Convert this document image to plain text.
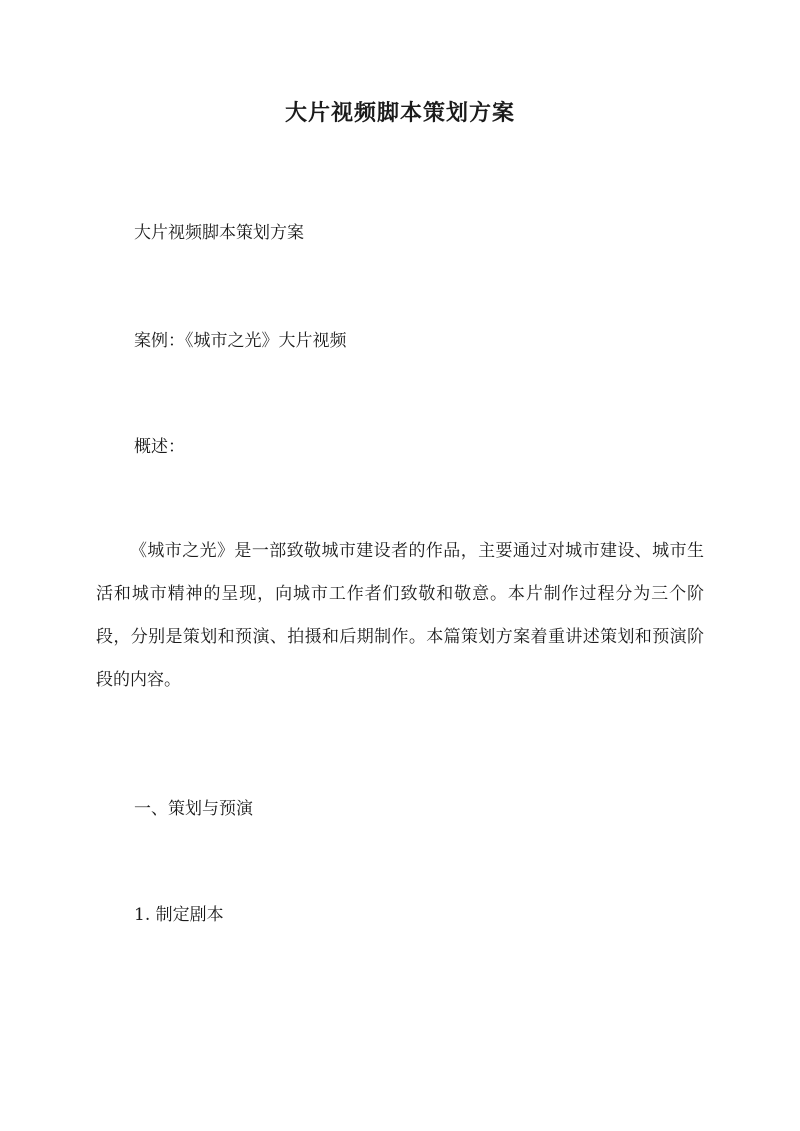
大片视频脚本策划方案
大片视频脚本策划方案
案例：《城市之光》大片视频
概述：
《城市之光》是一部致敬城市建设者的作品，主要通过对城市建设、城市生活和城市精神的呈现，向城市工作者们致敬和敬意。本片制作过程分为三个阶段，分别是策划和预演、拍摄和后期制作。本篇策划方案着重讲述策划和预演阶段的内容。
一、策划与预演
1. 制定剧本
